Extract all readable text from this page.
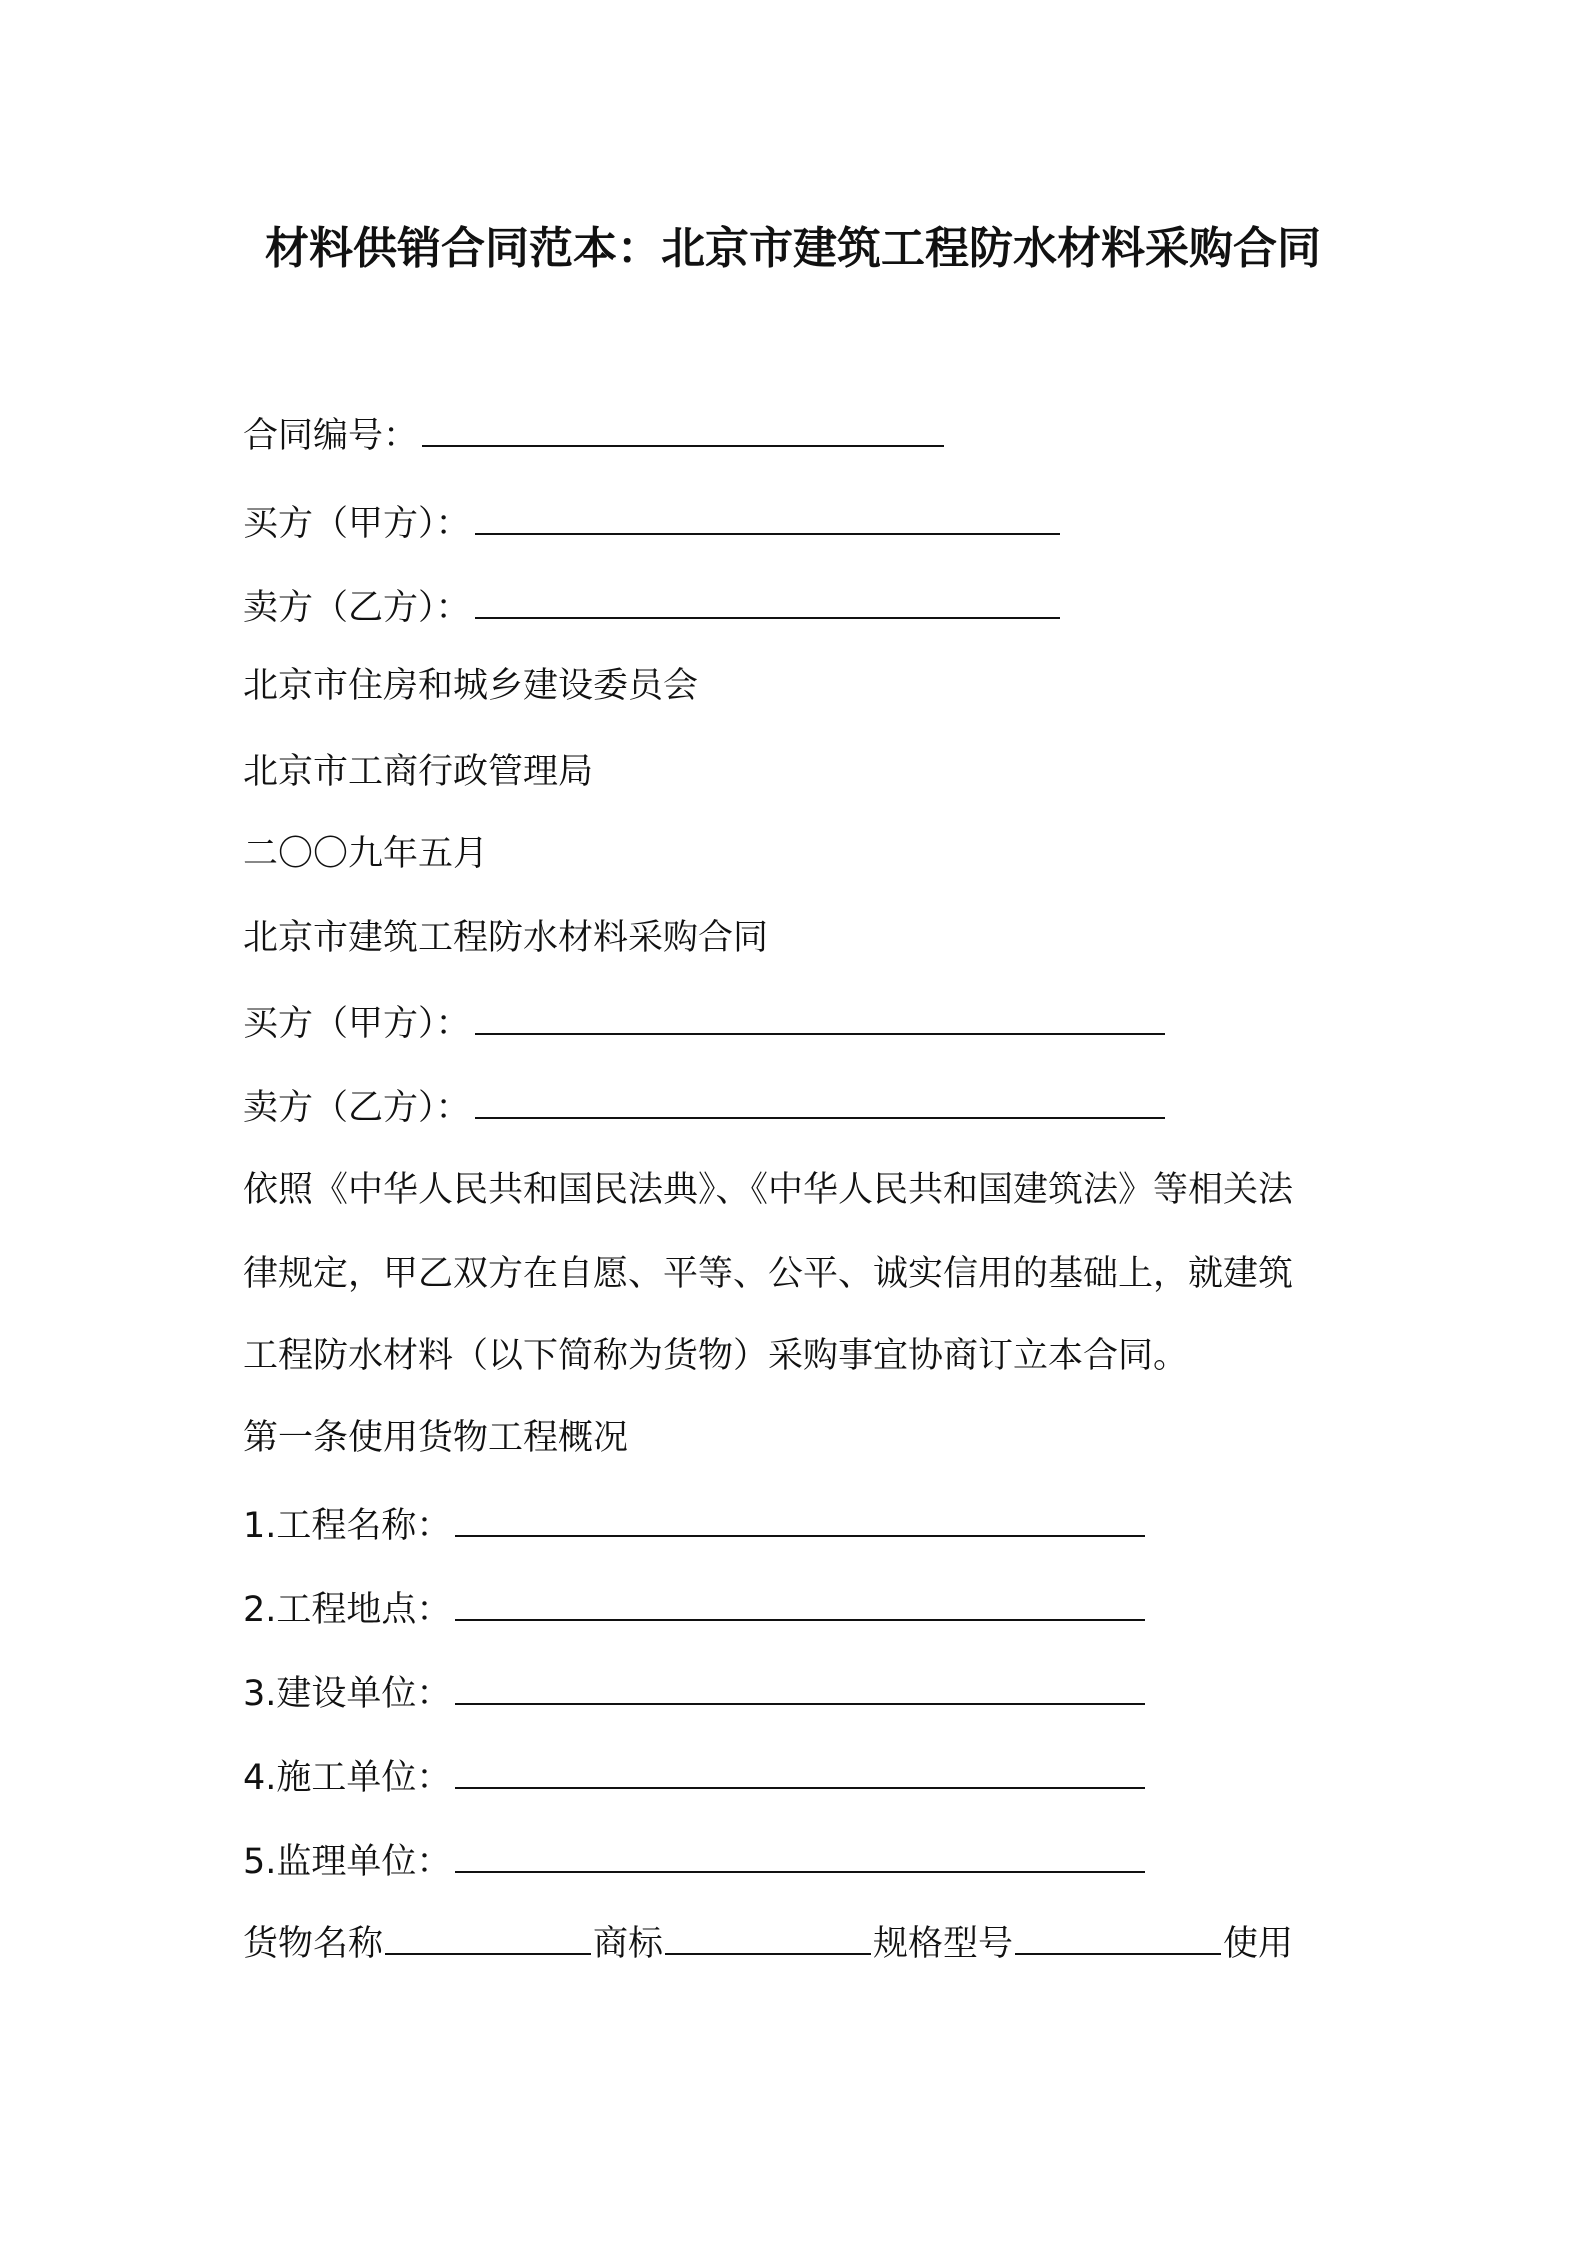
材料供销合同范本：北京市建筑工程防水材料采购合同
合同编号：
买方（甲方）：
卖方（乙方）：
北京市住房和城乡建设委员会
北京市工商行政管理局
二〇〇九年五月
北京市建筑工程防水材料采购合同
买方（甲方）：
卖方（乙方）：
依照《中华人民共和国民法典》、《中华人民共和国建筑法》等相关法
律规定，甲乙双方在自愿、平等、公平、诚实信用的基础上，就建筑
工程防水材料（以下简称为货物）采购事宜协商订立本合同。
第一条使用货物工程概况
1.工程名称：
2.工程地点：
3.建设单位：
4.施工单位：
5.监理单位：
货物名称	商标	规格型号	使用
